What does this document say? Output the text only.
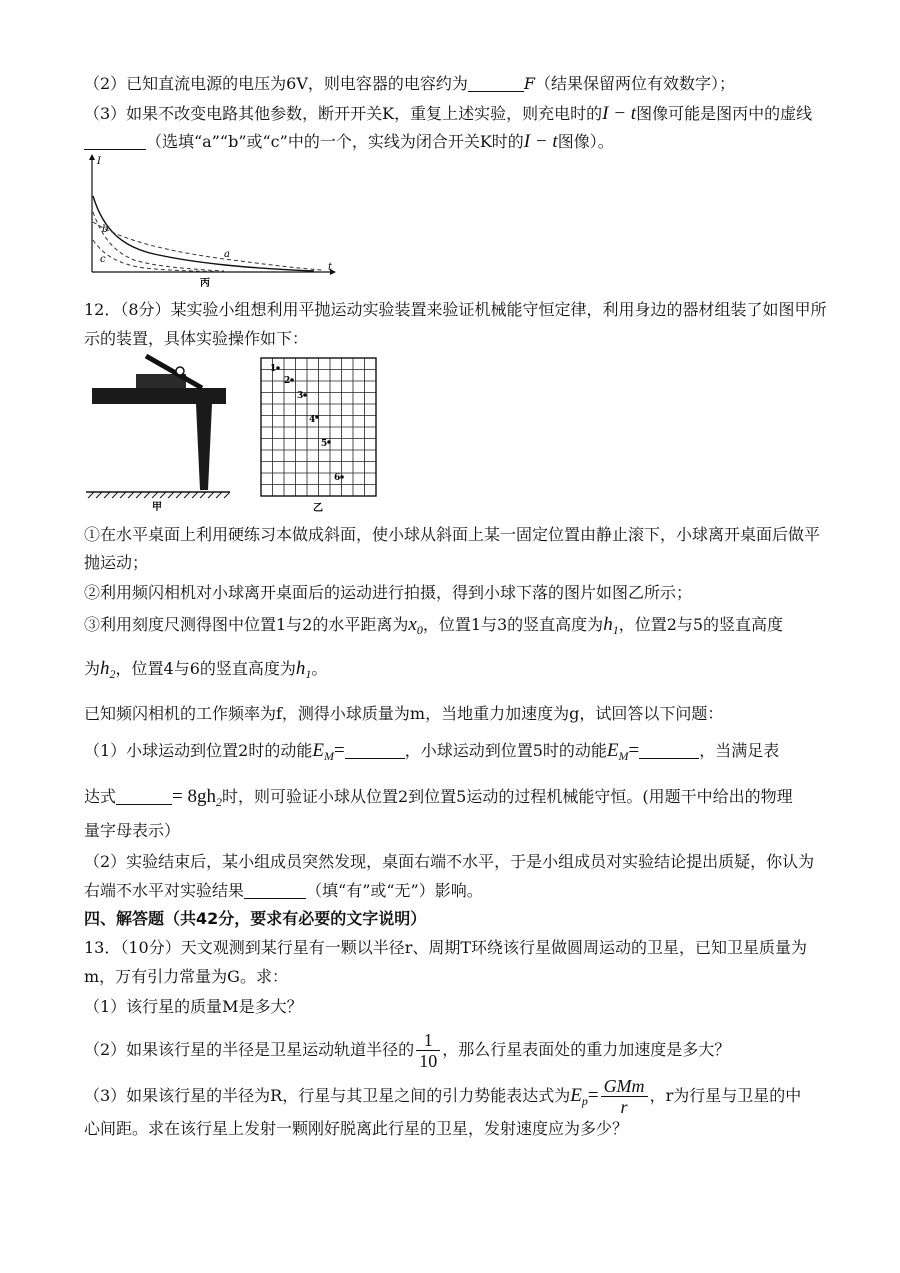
（2）已知直流电源的电压为6V，则电容器的电容约为	F（结果保留两位有效数字）；
（3）如果不改变电路其他参数，断开开关K，重复上述实验，则充电时的I − t图像可能是图丙中的虚线
（选填“a”“b”或“c”中的一个，实线为闭合开关K时的I − t图像）。
I
t
a
b
c
丙
12．（8分）某实验小组想利用平抛运动实验装置来验证机械能守恒定律，利用身边的器材组装了如图甲所
示的装置，具体实验操作如下：
甲
1
2
3
4
5
6
乙
①在水平桌面上利用硬练习本做成斜面，使小球从斜面上某一固定位置由静止滚下，小球离开桌面后做平
抛运动；
②利用频闪相机对小球离开桌面后的运动进行拍摄，得到小球下落的图片如图乙所示；
③利用刻度尺测得图中位置1与2的水平距离为$x_0$，位置1与3的竖直高度为$h_1$，位置2与5的竖直高度
为$h_2$，位置4与6的竖直高度为$h_1$。
已知频闪相机的工作频率为f，测得小球质量为m，当地重力加速度为g，试回答以下问题：
（1）小球运动到位置2时的动能$E_M=$	，小球运动到位置5时的动能$E_M=$	，当满足表
达式	= $8gh_2$时，则可验证小球从位置2到位置5运动的过程机械能守恒。(用题干中给出的物理
量字母表示）
（2）实验结束后，某小组成员突然发现，桌面右端不水平，于是小组成员对实验结论提出质疑，你认为
右端不水平对实验结果	（填“有”或“无”）影响。
四、解答题（共42分，要求有必要的文字说明）
13．（10分）天文观测到某行星有一颗以半径r、周期T环绕该行星做圆周运动的卫星，已知卫星质量为
m，万有引力常量为G。求：
（1）该行星的质量M是多大？
（2）如果该行星的半径是卫星运动轨道半径的 $\frac{1}{10}$ ，那么行星表面处的重力加速度是多大？
（3）如果该行星的半径为R，行星与其卫星之间的引力势能表达式为$E_p= \frac{\text{GMm}}{r}$ ，r为行星与卫星的中
心间距。求在该行星上发射一颗刚好脱离此行星的卫星，发射速度应为多少？
